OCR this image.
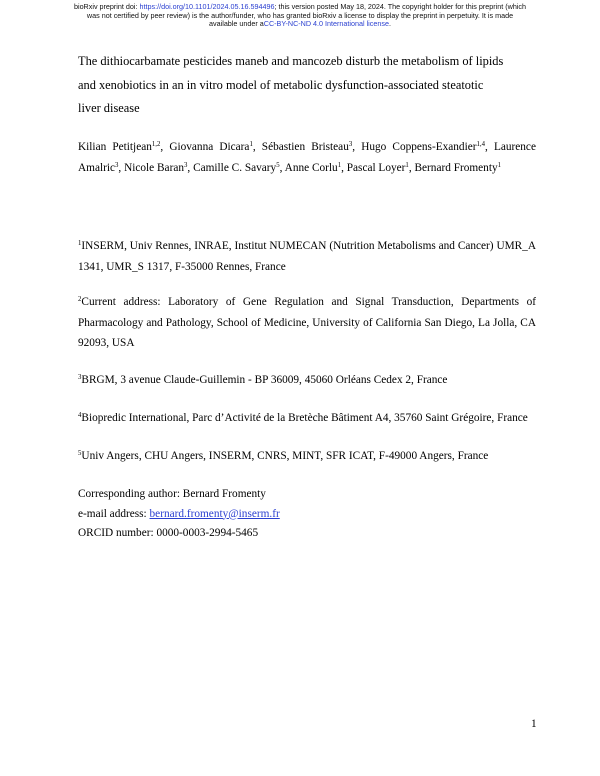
bioRxiv preprint doi: https://doi.org/10.1101/2024.05.16.594496; this version posted May 18, 2024. The copyright holder for this preprint (which
was not certified by peer review) is the author/funder, who has granted bioRxiv a license to display the preprint in perpetuity. It is made
available under aCC-BY-NC-ND 4.0 International license.
The dithiocarbamate pesticides maneb and mancozeb disturb the metabolism of lipids
and xenobiotics in an in vitro model of metabolic dysfunction-associated steatotic
liver disease
Kilian Petitjean$^{1,2}$, Giovanna Dicara$^1$, Sébastien Bristeau$^3$, Hugo Coppens-Exandier$^{1,4}$, Laurence Amalric$^3$, Nicole Baran$^3$, Camille C. Savary$^5$, Anne Corlu$^1$, Pascal Loyer$^1$, Bernard Fromenty$^1$
$^1$INSERM, Univ Rennes, INRAE, Institut NUMECAN (Nutrition Metabolisms and Cancer) UMR_A 1341, UMR_S 1317, F-35000 Rennes, France
$^2$Current address: Laboratory of Gene Regulation and Signal Transduction, Departments of Pharmacology and Pathology, School of Medicine, University of California San Diego, La Jolla, CA 92093, USA
$^3$BRGM, 3 avenue Claude-Guillemin - BP 36009, 45060 Orléans Cedex 2, France
$^4$Biopredic International, Parc d’Activité de la Bretèche Bâtiment A4, 35760 Saint Grégoire, France
$^5$Univ Angers, CHU Angers, INSERM, CNRS, MINT, SFR ICAT, F-49000 Angers, France
Corresponding author: Bernard Fromenty
e-mail address: bernard.fromenty@inserm.fr
ORCID number: 0000-0003-2994-5465
1
